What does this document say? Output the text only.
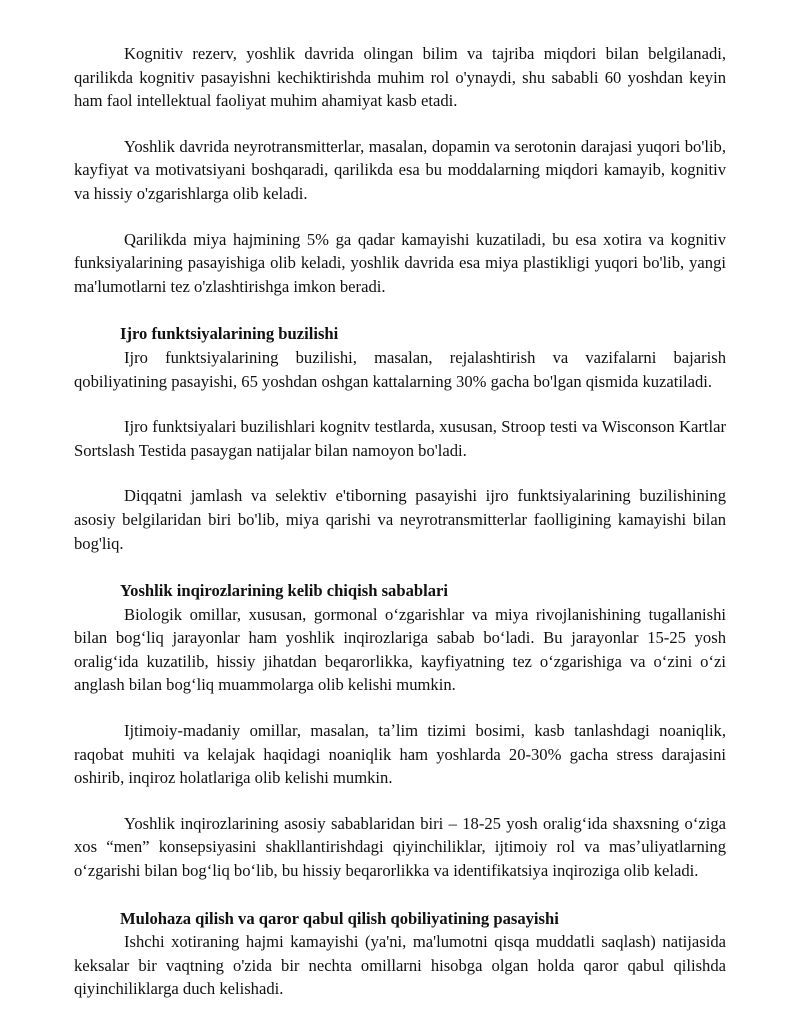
Kognitiv rezerv, yoshlik davrida olingan bilim va tajriba miqdori bilan belgilanadi, qarilikda kognitiv pasayishni kechiktirishda muhim rol o'ynaydi, shu sababli 60 yoshdan keyin ham faol intellektual faoliyat muhim ahamiyat kasb etadi.

Yoshlik davrida neyrotransmitterlar, masalan, dopamin va serotonin darajasi yuqori bo'lib, kayfiyat va motivatsiyani boshqaradi, qarilikda esa bu moddalarning miqdori kamayib, kognitiv va hissiy o'zgarishlarga olib keladi.

Qarilikda miya hajmining 5% ga qadar kamayishi kuzatiladi, bu esa xotira va kognitiv funksiyalarining pasayishiga olib keladi, yoshlik davrida esa miya plastikligi yuqori bo'lib, yangi ma'lumotlarni tez o'zlashtirishga imkon beradi.

Ijro funktsiyalarining buzilishi

Ijro funktsiyalarining buzilishi, masalan, rejalashtirish va vazifalarni bajarish qobiliyatining pasayishi, 65 yoshdan oshgan kattalarning 30% gacha bo'lgan qismida kuzatiladi.

Ijro funktsiyalari buzilishlari kognitv testlarda, xususan, Stroop testi va Wisconson Kartlar Sortslash Testida pasaygan natijalar bilan namoyon bo'ladi.

Diqqatni jamlash va selektiv e'tiborning pasayishi ijro funktsiyalarining buzilishining asosiy belgilaridan biri bo'lib, miya qarishi va neyrotransmitterlar faolligining kamayishi bilan bog'liq.

Yoshlik inqirozlarining kelib chiqish sabablari

Biologik omillar, xususan, gormonal oʻzgarishlar va miya rivojlanishining tugallanishi bilan bogʻliq jarayonlar ham yoshlik inqirozlariga sabab boʻladi. Bu jarayonlar 15-25 yosh oraligʻida kuzatilib, hissiy jihatdan beqarorlikka, kayfiyatning tez oʻzgarishiga va oʻzini oʻzi anglash bilan bogʻliq muammolarga olib kelishi mumkin.

Ijtimoiy-madaniy omillar, masalan, taʼlim tizimi bosimi, kasb tanlashdagi noaniqlik, raqobat muhiti va kelajak haqidagi noaniqlik ham yoshlarda 20-30% gacha stress darajasini oshirib, inqiroz holatlariga olib kelishi mumkin.

Yoshlik inqirozlarining asosiy sabablaridan biri – 18-25 yosh oraligʻida shaxsning oʻziga xos “men” konsepsiyasini shakllantirishdagi qiyinchiliklar, ijtimoiy rol va masʼuliyatlarning oʻzgarishi bilan bogʻliq boʻlib, bu hissiy beqarorlikka va identifikatsiya inqiroziga olib keladi.

Mulohaza qilish va qaror qabul qilish qobiliyatining pasayishi

Ishchi xotiraning hajmi kamayishi (ya'ni, ma'lumotni qisqa muddatli saqlash) natijasida keksalar bir vaqtning o'zida bir nechta omillarni hisobga olgan holda qaror qabul qilishda qiyinchiliklarga duch kelishadi.
